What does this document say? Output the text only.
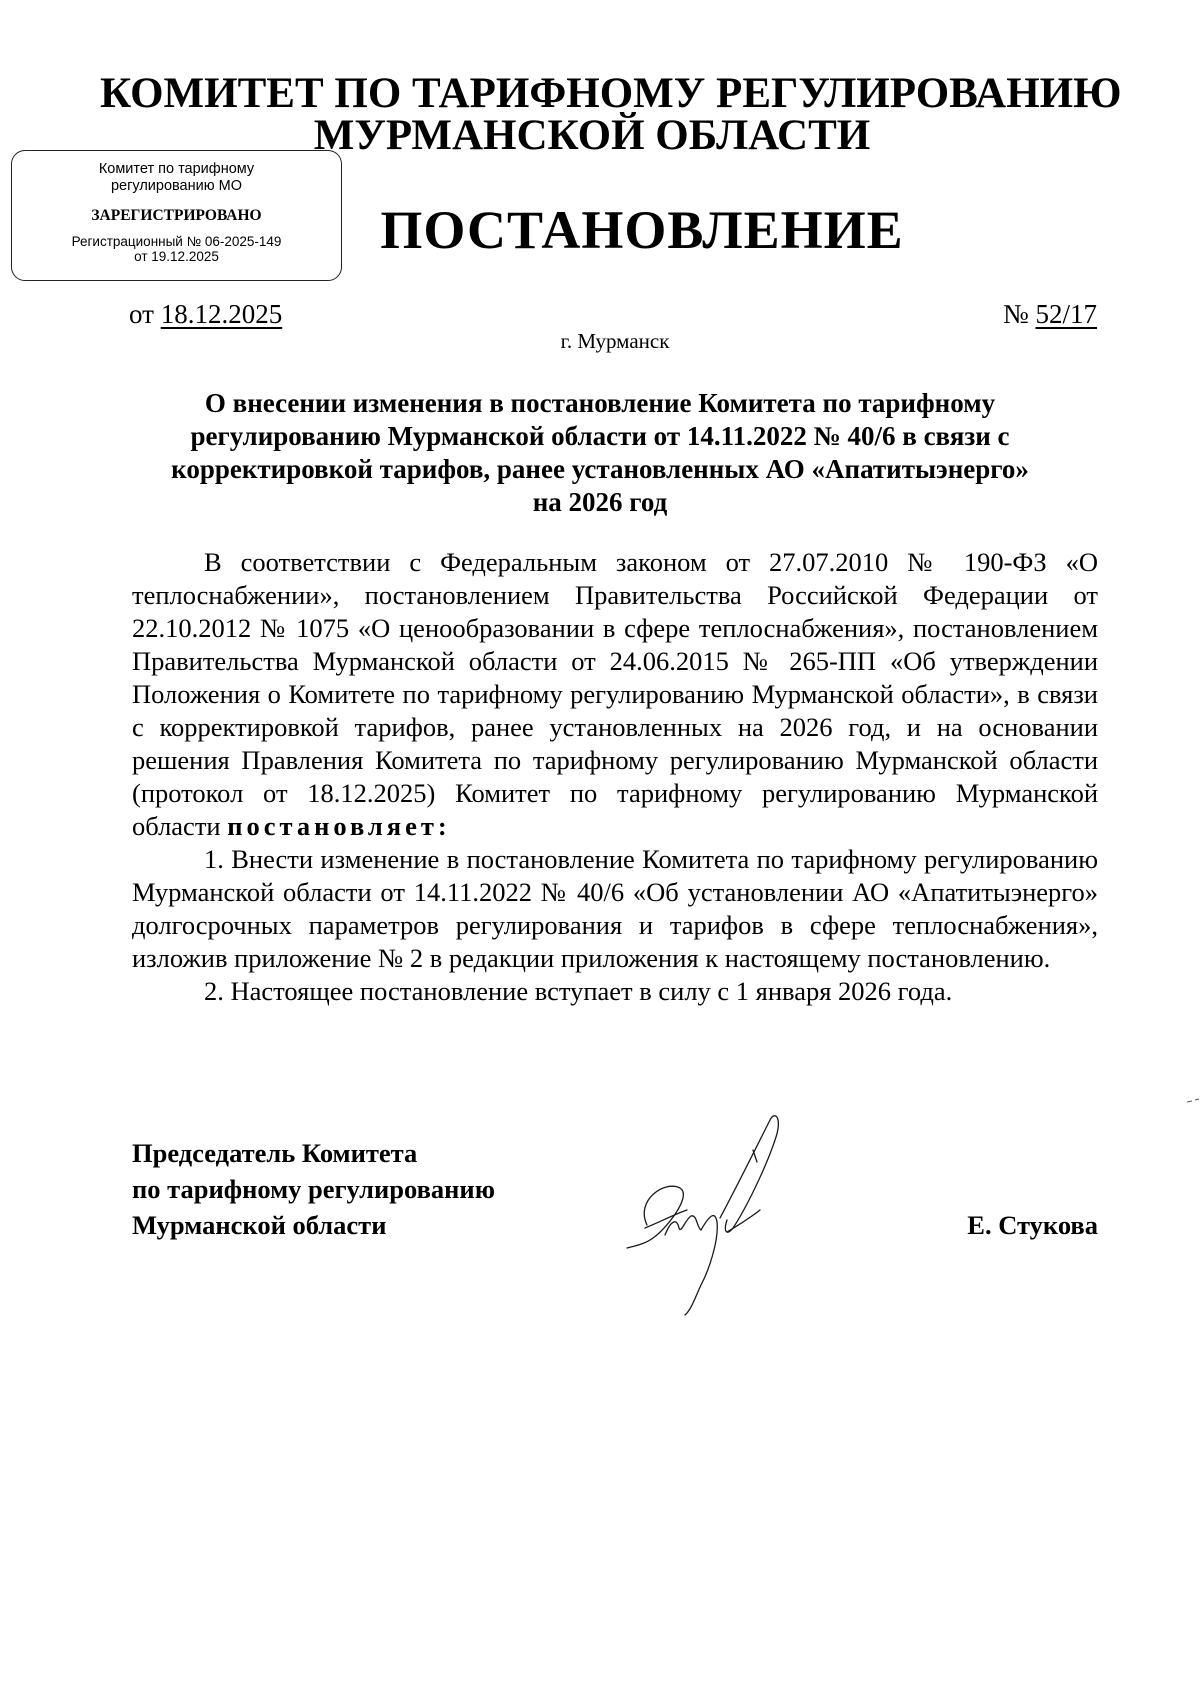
КОМИТЕТ ПО ТАРИФНОМУ РЕГУЛИРОВАНИЮ
МУРМАНСКОЙ ОБЛАСТИ
ПОСТАНОВЛЕНИЕ
Комитет по тарифному
регулированию МО
ЗАРЕГИСТРИРОВАНО
Регистрационный № 06-2025-149
от 19.12.2025
от 18.12.2025	№ 52/17
г. Мурманск
О внесении изменения в постановление Комитета по тарифному
регулированию Мурманской области от 14.11.2022 № 40/6 в связи с
корректировкой тарифов, ранее установленных АО «Апатитыэнерго»
на 2026 год

В соответствии с Федеральным законом от 27.07.2010 № 190-ФЗ «О теплоснабжении», постановлением Правительства Российской Федерации от 22.10.2012 № 1075 «О ценообразовании в сфере теплоснабжения», постановлением Правительства Мурманской области от 24.06.2015 № 265-ПП «Об утверждении Положения о Комитете по тарифному регулированию Мурманской области», в связи с корректировкой тарифов, ранее установленных на 2026 год, и на основании решения Правления Комитета по тарифному регулированию Мурманской области (протокол от 18.12.2025) Комитет по тарифному регулированию Мурманской области постановляет:

1. Внести изменение в постановление Комитета по тарифному регулированию Мурманской области от 14.11.2022 № 40/6 «Об установлении АО «Апатитыэнерго» долгосрочных параметров регулирования и тарифов в сфере теплоснабжения», изложив приложение № 2 в редакции приложения к настоящему постановлению.

2. Настоящее постановление вступает в силу с 1 января 2026 года.

Председатель Комитета
по тарифному регулированию
Мурманской области	Е. Стукова
